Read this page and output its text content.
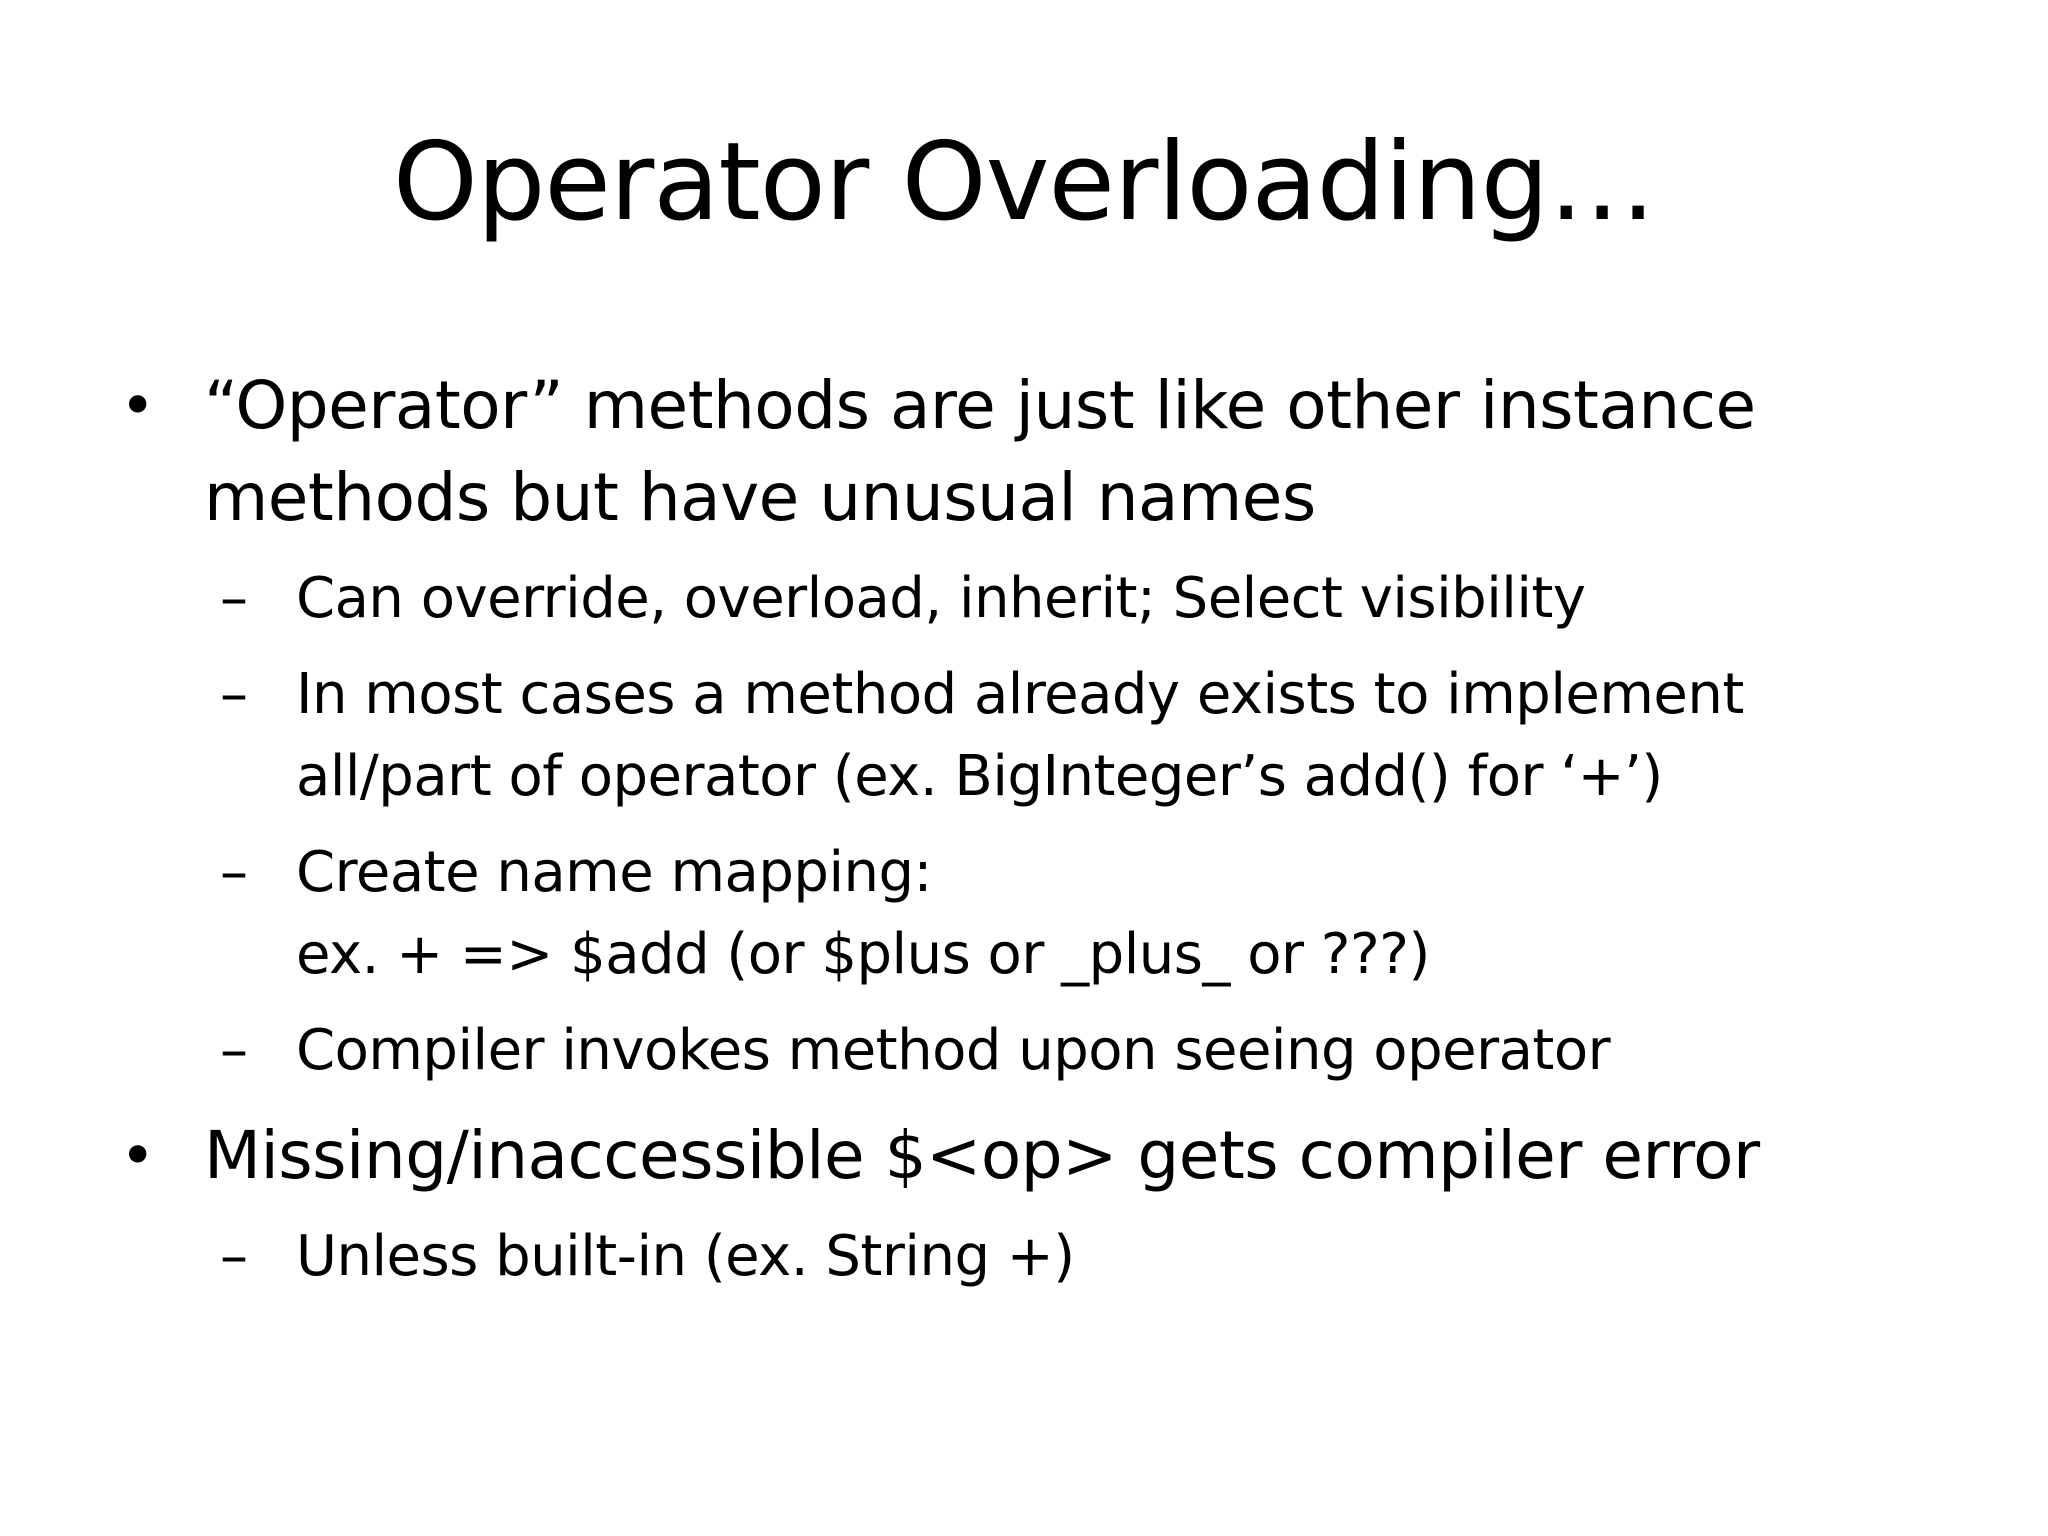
Operator Overloading…
• “Operator” methods are just like other instance
methods but have unusual names
– Can override, overload, inherit; Select visibility
– In most cases a method already exists to implement
all/part of operator (ex. BigInteger’s add() for ‘+’)
– Create name mapping:
ex. + => $add (or $plus or _plus_ or ???)
– Compiler invokes method upon seeing operator
• Missing/inaccessible $<op> gets compiler error
– Unless built-in (ex. String +)
